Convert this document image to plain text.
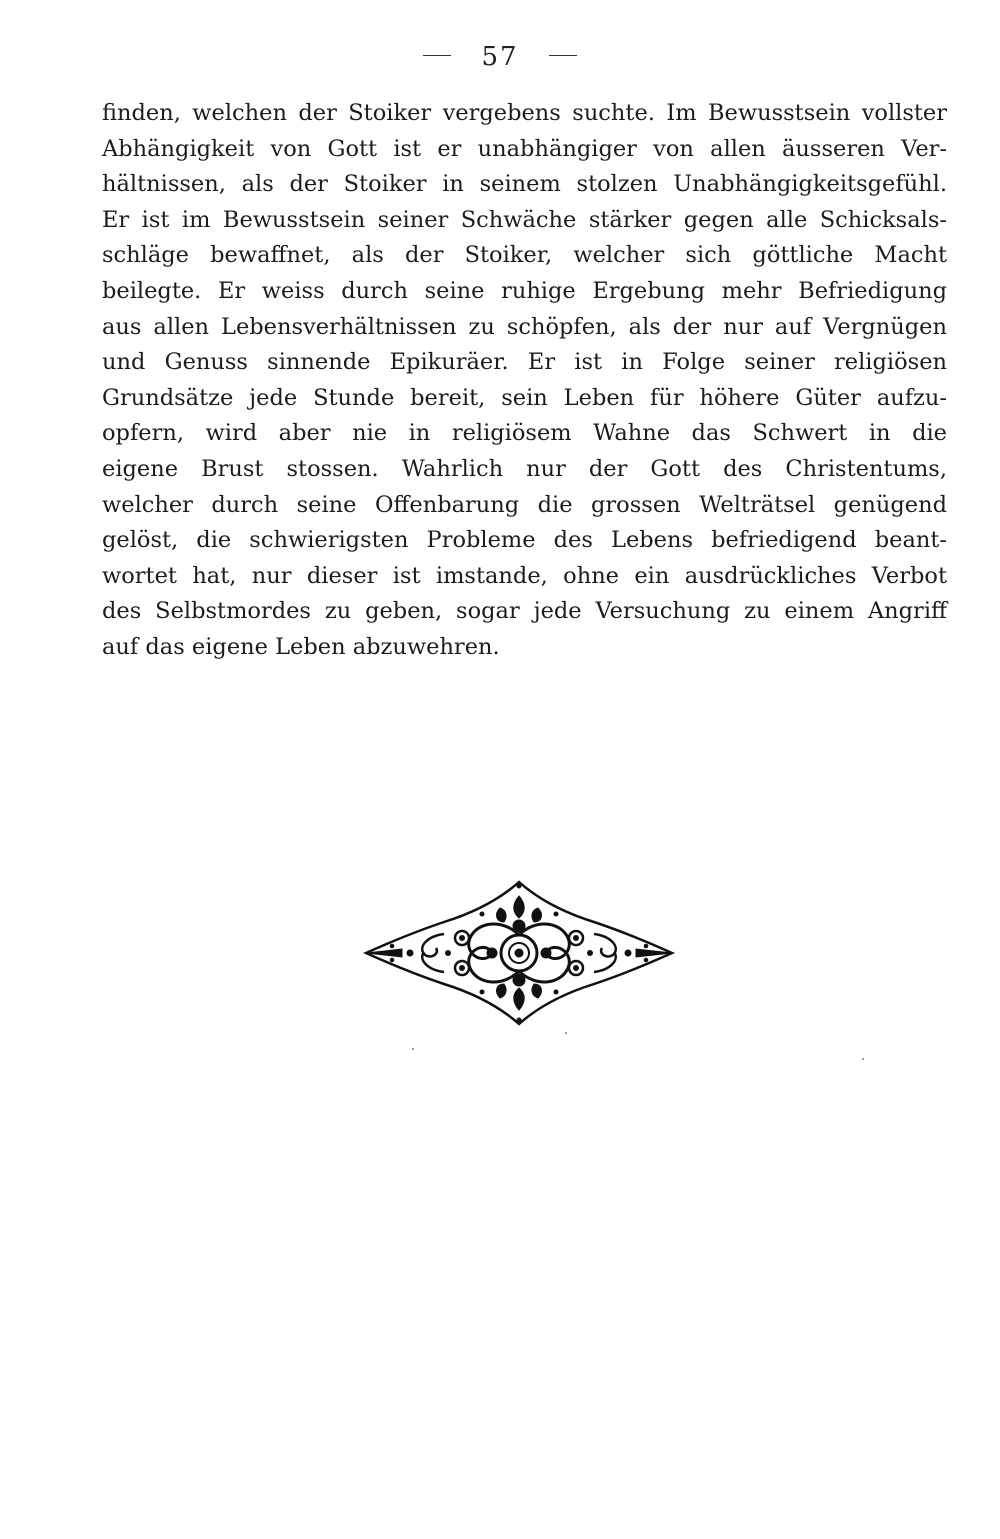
57
finden, welchen der Stoiker vergebens suchte. Im Bewusstsein vollster
Abhängigkeit von Gott ist er unabhängiger von allen äusseren Ver-
hältnissen, als der Stoiker in seinem stolzen Unabhängigkeitsgefühl.
Er ist im Bewusstsein seiner Schwäche stärker gegen alle Schicksals-
schläge bewaffnet, als der Stoiker, welcher sich göttliche Macht
beilegte. Er weiss durch seine ruhige Ergebung mehr Befriedigung
aus allen Lebensverhältnissen zu schöpfen, als der nur auf Vergnügen
und Genuss sinnende Epikuräer. Er ist in Folge seiner religiösen
Grundsätze jede Stunde bereit, sein Leben für höhere Güter aufzu-
opfern, wird aber nie in religiösem Wahne das Schwert in die
eigene Brust stossen. Wahrlich nur der Gott des Christentums,
welcher durch seine Offenbarung die grossen Welträtsel genügend
gelöst, die schwierigsten Probleme des Lebens befriedigend beant-
wortet hat, nur dieser ist imstande, ohne ein ausdrückliches Verbot
des Selbstmordes zu geben, sogar jede Versuchung zu einem Angriff
auf das eigene Leben abzuwehren.
